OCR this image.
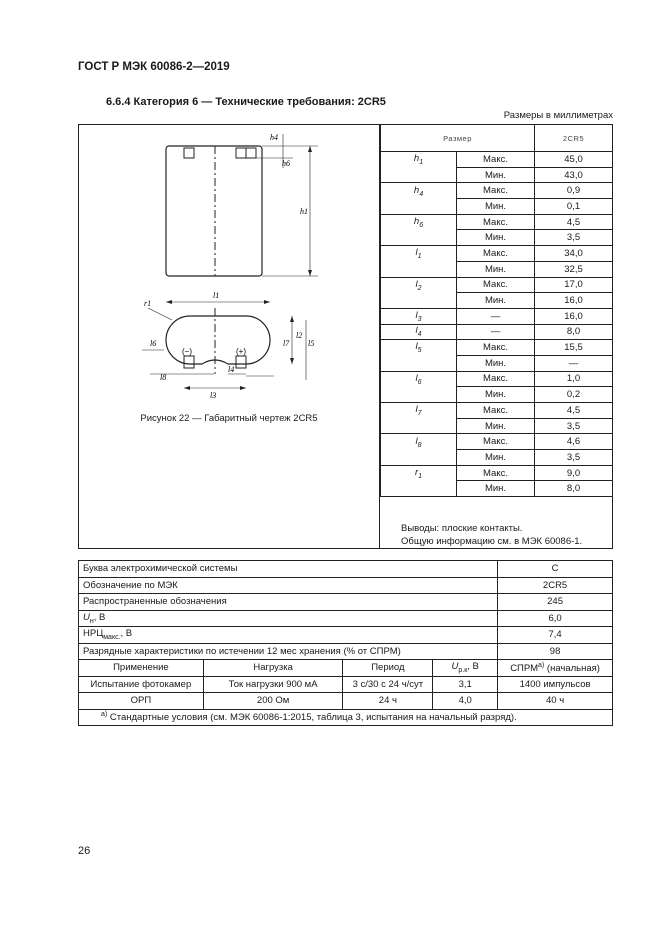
ГОСТ Р МЭК 60086-2—2019
6.6.4 Категория 6 — Технические требования: 2CR5
Размеры в миллиметрах
h1
h4
h6
l1
r1
l2
l7 l5
(−)	(+)
l6
l8
l4
l3
Рисунок 22 — Габаритный чертеж 2CR5
Размер		2CR5
$h_1$	Макс.	45,0
	Мин.	43,0
$h_4$	Макс.	0,9
	Мин.	0,1
$h_6$	Макс.	4,5
	Мин.	3,5
$l_1$	Макс.	34,0
	Мин.	32,5
$l_2$	Макс.	17,0
	Мин.	16,0
$l_3$	—	16,0
$l_4$	—	8,0
$l_5$	Макс.	15,5
	Мин.	—
$l_6$	Макс.	1,0
	Мин.	0,2
$l_7$	Макс.	4,5
	Мин.	3,5
$l_8$	Макс.	4,6
	Мин.	3,5
$r_1$	Макс.	9,0
	Мин.	8,0
Выводы: плоские контакты.
Общую информацию см. в МЭК 60086-1.
Буква электрохимической системы				C
Обозначение по МЭК				2CR5
Распространенные обозначения				245
$U_н$, В				6,0
$НРЦ_{макс.}$, В				7,4
Разрядные характеристики по истечении 12 мес хранения (% от СПРМ)				98
Применение	Нагрузка	Период	$U_{р.к}$, В	$СПРМ^{а)}$ (начальная)
Испытание фотокамер	Ток нагрузки 900 мА	3 с/30 с 24 ч/сут	3,1	1400 импульсов
ОРП	200 Ом	24 ч	4,0	40 ч
$^{а)}$ Стандартные условия (см. МЭК 60086-1:2015, таблица 3, испытания на начальный разряд).				
26
